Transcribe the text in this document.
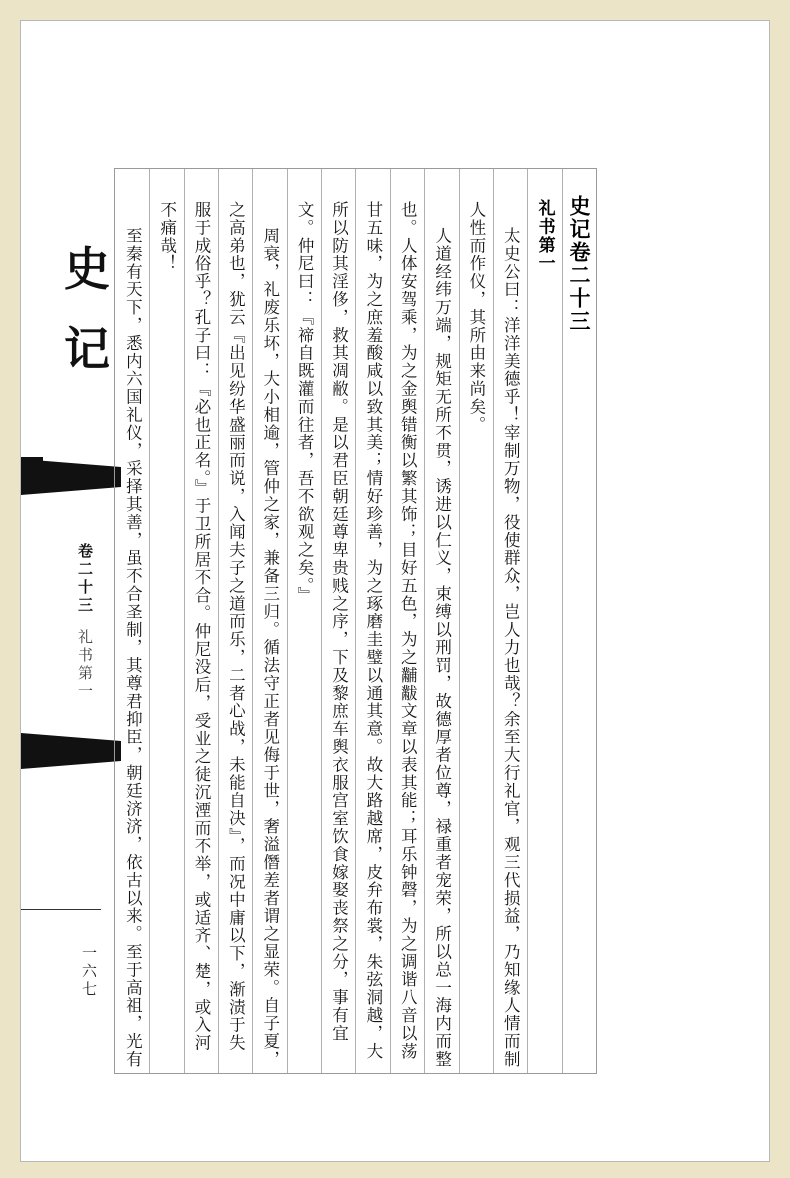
史
记
卷二十三 礼书第一
一六七
史记卷二十三
礼书第一
太史公曰：洋洋美德乎！宰制万物，役使群众，岂人力也哉？余至大行礼官，观三代损益，乃知缘人情而制
人性而作仪，其所由来尚矣。
人道经纬万端，规矩无所不贯，诱进以仁义，束缚以刑罚，故德厚者位尊，禄重者宠荣，所以总一海内而整
也。人体安驾乘，为之金舆错衡以繁其饰；目好五色，为之黼黻文章以表其能；耳乐钟磬，为之调谐八音以荡
甘五味，为之庶羞酸咸以致其美；情好珍善，为之琢磨圭璧以通其意。故大路越席，皮弁布裳，朱弦洞越，大
所以防其淫侈，救其凋敝。是以君臣朝廷尊卑贵贱之序，下及黎庶车舆衣服宫室饮食嫁娶丧祭之分，事有宜
文。仲尼曰：『禘自既灌而往者，吾不欲观之矣。』
周衰，礼废乐坏，大小相逾，管仲之家，兼备三归。循法守正者见侮于世，奢溢僭差者谓之显荣。自子夏，
之高弟也，犹云『出见纷华盛丽而说，入闻夫子之道而乐，二者心战，未能自决』，而况中庸以下，渐渍于失
服于成俗乎？孔子曰：『必也正名。』于卫所居不合。仲尼没后，受业之徒沉湮而不举，或适齐、楚，或入河
不痛哉！
至秦有天下，悉内六国礼仪，采择其善，虽不合圣制，其尊君抑臣，朝廷济济，依古以来。至于高祖，光有
